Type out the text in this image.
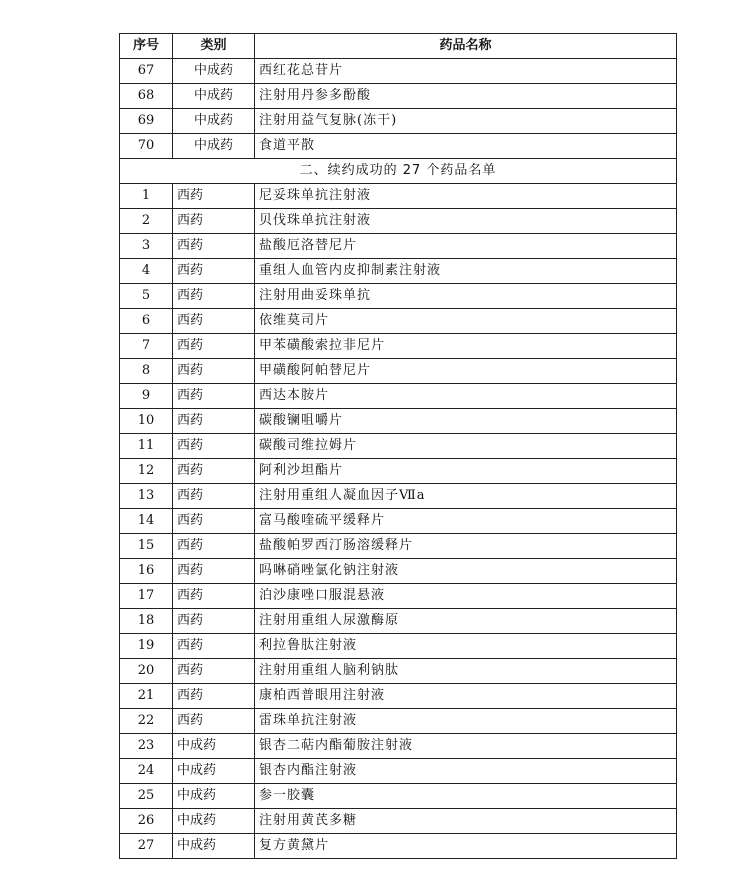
序号	类别	药品名称
67	中成药	西红花总苷片
68	中成药	注射用丹参多酚酸
69	中成药	注射用益气复脉(冻干)
70	中成药	食道平散
二、续约成功的 27 个药品名单		
1	西药	尼妥珠单抗注射液
2	西药	贝伐珠单抗注射液
3	西药	盐酸厄洛替尼片
4	西药	重组人血管内皮抑制素注射液
5	西药	注射用曲妥珠单抗
6	西药	依维莫司片
7	西药	甲苯磺酸索拉非尼片
8	西药	甲磺酸阿帕替尼片
9	西药	西达本胺片
10	西药	碳酸镧咀嚼片
11	西药	碳酸司维拉姆片
12	西药	阿利沙坦酯片
13	西药	注射用重组人凝血因子Ⅶa
14	西药	富马酸喹硫平缓释片
15	西药	盐酸帕罗西汀肠溶缓释片
16	西药	吗啉硝唑氯化钠注射液
17	西药	泊沙康唑口服混悬液
18	西药	注射用重组人尿激酶原
19	西药	利拉鲁肽注射液
20	西药	注射用重组人脑利钠肽
21	西药	康柏西普眼用注射液
22	西药	雷珠单抗注射液
23	中成药	银杏二萜内酯葡胺注射液
24	中成药	银杏内酯注射液
25	中成药	参一胶囊
26	中成药	注射用黄芪多糖
27	中成药	复方黄黛片
